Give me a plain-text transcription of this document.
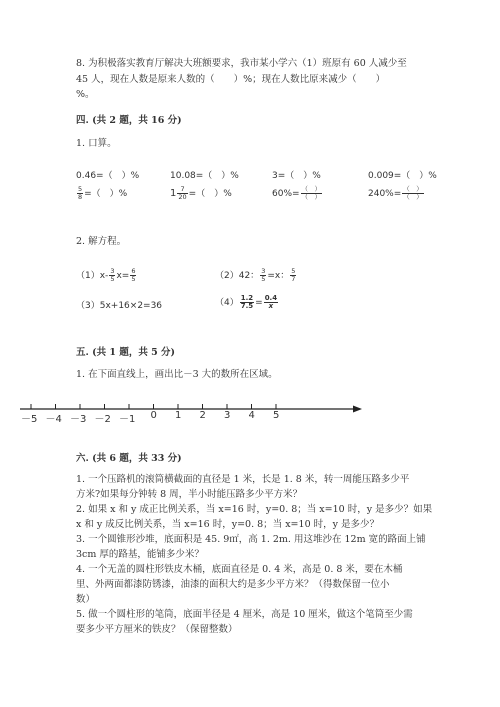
8. 为积极落实教育厅解决大班额要求，我市某小学六（1）班原有 60 人减少至
45 人，现在人数是原来人数的（　　）%；现在人数比原来减少（　　）
%。
四. (共 2 题，共 16 分)
1. 口算。
0.46=（　）%	10.08=（　）%	3=（　）%	0.009=（　）%
$\frac{5}{8}$ =（　）%	$1 \frac{7}{20}$ =（　）%	$60\%= \frac{( )}{( )}$	$240\%= \frac{( )}{( )}$
2. 解方程。
$(1)x- \frac{3}{5} x= \frac{6}{5}$	（2）42： $\frac{3}{5} =x$： $\frac{5}{7}$
（3）5x+16×2=36	$(4) \frac{1.2}{7.5} = \frac{0.4}{x}$
五. (共 1 题，共 5 分)
1. 在下面直线上，画出比－3 大的数所在区域。
－5 －4 －3 －2 －1 0 1 2 3 4 5
六. (共 6 题，共 33 分)
1. 一个压路机的滚筒横截面的直径是 1 米，长是 1. 8 米，转一周能压路多少平
方米?如果每分钟转 8 周，半小时能压路多少平方米？
2. 如果 x 和 y 成正比例关系，当 x=16 时，y=0. 8；当 x=10 时，y 是多少？如果
x 和 y 成反比例关系，当 x=16 时，y=0. 8；当 x=10 时，y 是多少？
3. 一个圆锥形沙堆，底面积是 45. 9㎡，高 1. 2m. 用这堆沙在 12m 宽的路面上铺
3cm 厚的路基，能铺多少米？
4. 一个无盖的圆柱形铁皮木桶，底面直径是 0. 4 米，高是 0. 8 米，要在木桶
里、外两面都漆防锈漆，油漆的面积大约是多少平方米？（得数保留一位小
数）
5. 做一个圆柱形的笔筒，底面半径是 4 厘米，高是 10 厘米，做这个笔筒至少需
要多少平方厘米的铁皮？（保留整数）
